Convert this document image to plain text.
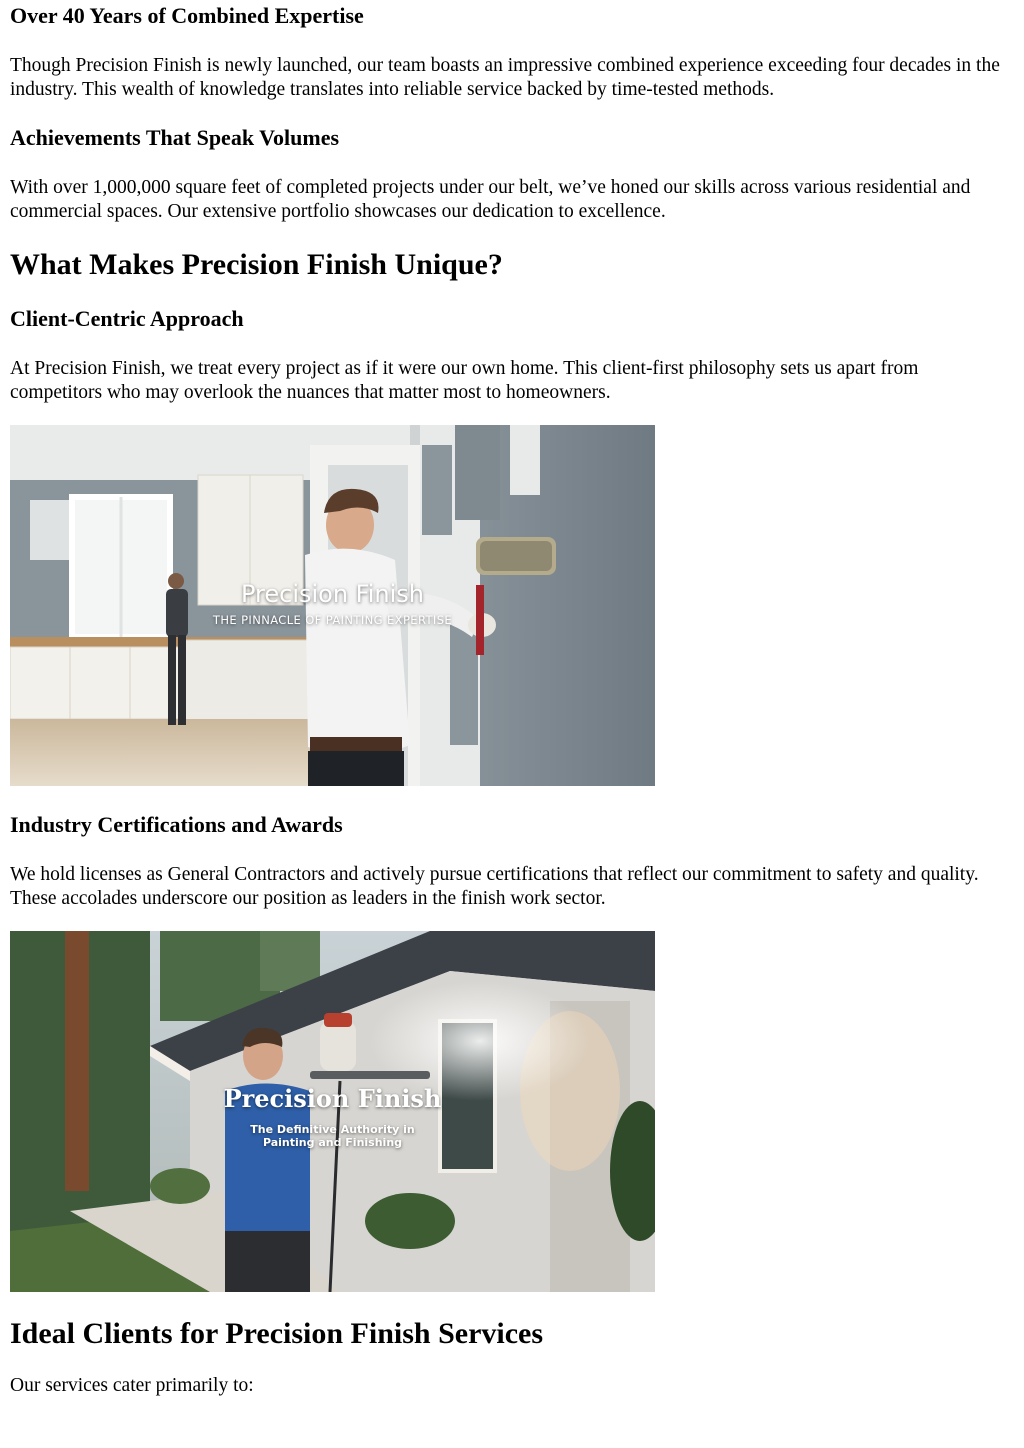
Over 40 Years of Combined Expertise

Though Precision Finish is newly launched, our team boasts an impressive combined experience exceeding four decades in the industry. This wealth of knowledge translates into reliable service backed by time-tested methods.

Achievements That Speak Volumes

With over 1,000,000 square feet of completed projects under our belt, we’ve honed our skills across various residential and commercial spaces. Our extensive portfolio showcases our dedication to excellence.

What Makes Precision Finish Unique?
Client-Centric Approach

At Precision Finish, we treat every project as if it were our own home. This client-first philosophy sets us apart from competitors who may overlook the nuances that matter most to homeowners.

Precision Finish
THE PINNACLE OF PAINTING EXPERTISE
Industry Certifications and Awards

We hold licenses as General Contractors and actively pursue certifications that reflect our commitment to safety and quality. These accolades underscore our position as leaders in the finish work sector.

Precision Finish
The Definitive Authority in
Painting and Finishing
Ideal Clients for Precision Finish Services

Our services cater primarily to:
